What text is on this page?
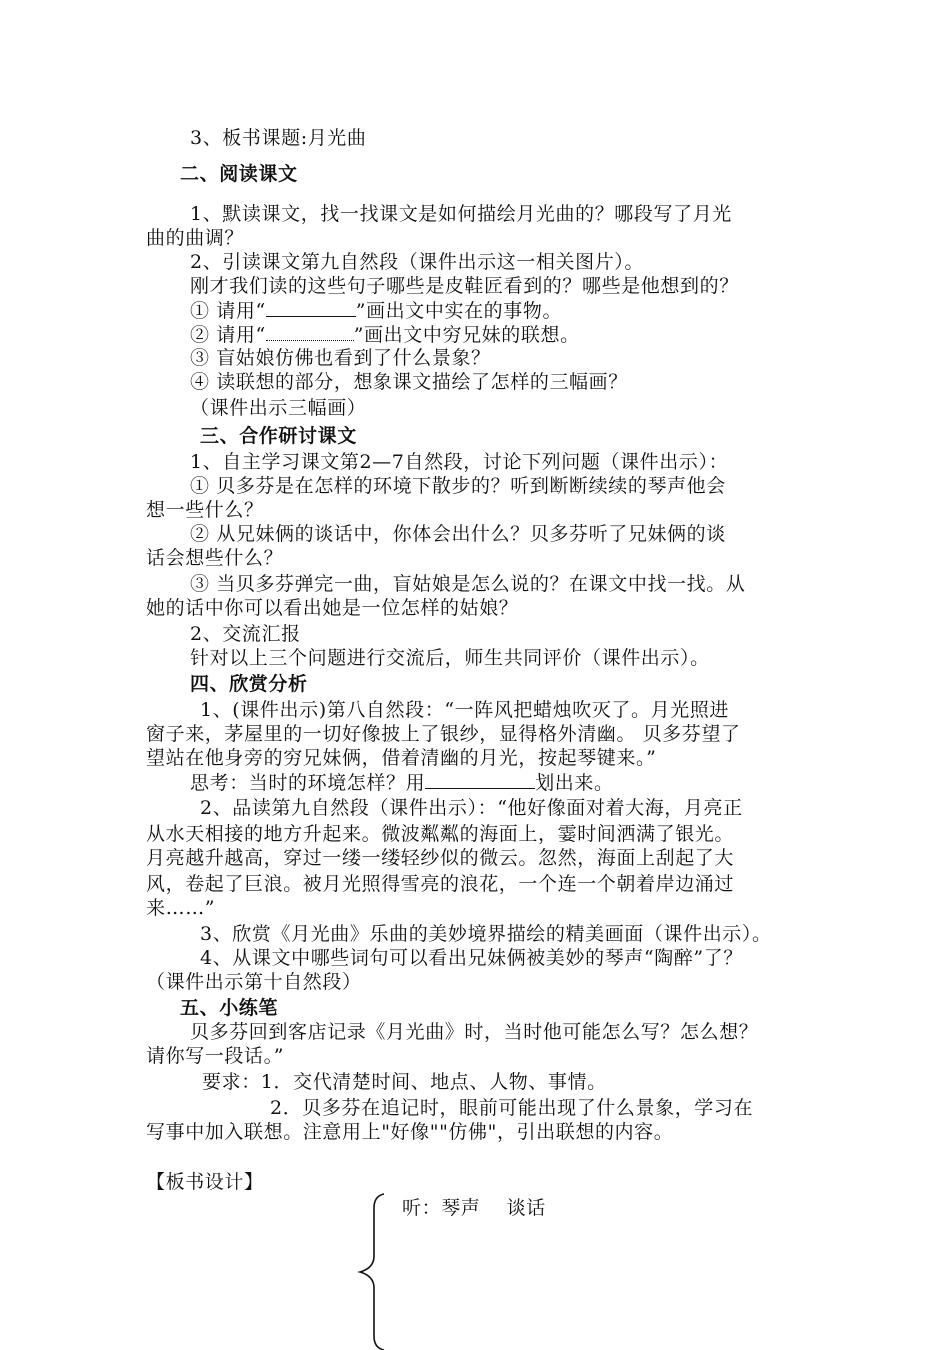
3、板书课题:月光曲
二、阅读课文
1、默读课文，找一找课文是如何描绘月光曲的？哪段写了月光
曲的曲调？
2、引读课文第九自然段（课件出示这一相关图片）。
刚才我们读的这些句子哪些是皮鞋匠看到的？哪些是他想到的？
① 请用“	”画出文中实在的事物。
② 请用“	”画出文中穷兄妹的联想。
③ 盲姑娘仿佛也看到了什么景象？
④ 读联想的部分，想象课文描绘了怎样的三幅画？
（课件出示三幅画）
三、合作研讨课文
1、自主学习课文第2—7自然段，讨论下列问题（课件出示）：
① 贝多芬是在怎样的环境下散步的？听到断断续续的琴声他会
想一些什么？
② 从兄妹俩的谈话中，你体会出什么？贝多芬听了兄妹俩的谈
话会想些什么？
③ 当贝多芬弹完一曲，盲姑娘是怎么说的？在课文中找一找。从
她的话中你可以看出她是一位怎样的姑娘？
2、交流汇报
针对以上三个问题进行交流后，师生共同评价（课件出示）。
四、欣赏分析
1、(课件出示)第八自然段：“一阵风把蜡烛吹灭了。月光照进
窗子来，茅屋里的一切好像披上了银纱，显得格外清幽。 贝多芬望了
望站在他身旁的穷兄妹俩，借着清幽的月光，按起琴键来。”
思考：当时的环境怎样？用	划出来。
2、品读第九自然段（课件出示）：“他好像面对着大海，月亮正
从水天相接的地方升起来。微波粼粼的海面上，霎时间洒满了银光。
月亮越升越高，穿过一缕一缕轻纱似的微云。忽然，海面上刮起了大
风，卷起了巨浪。被月光照得雪亮的浪花，一个连一个朝着岸边涌过
来……”
3、欣赏《月光曲》乐曲的美妙境界描绘的精美画面（课件出示）。
4、从课文中哪些词句可以看出兄妹俩被美妙的琴声“陶醉”了？
（课件出示第十自然段）
五、小练笔
贝多芬回到客店记录《月光曲》时，当时他可能怎么写？怎么想？
请你写一段话。”
要求：1．交代清楚时间、地点、人物、事情。
2．贝多芬在追记时，眼前可能出现了什么景象，学习在
写事中加入联想。注意用上"好像""仿佛"，引出联想的内容。
【板书设计】
听：琴声　 谈话
